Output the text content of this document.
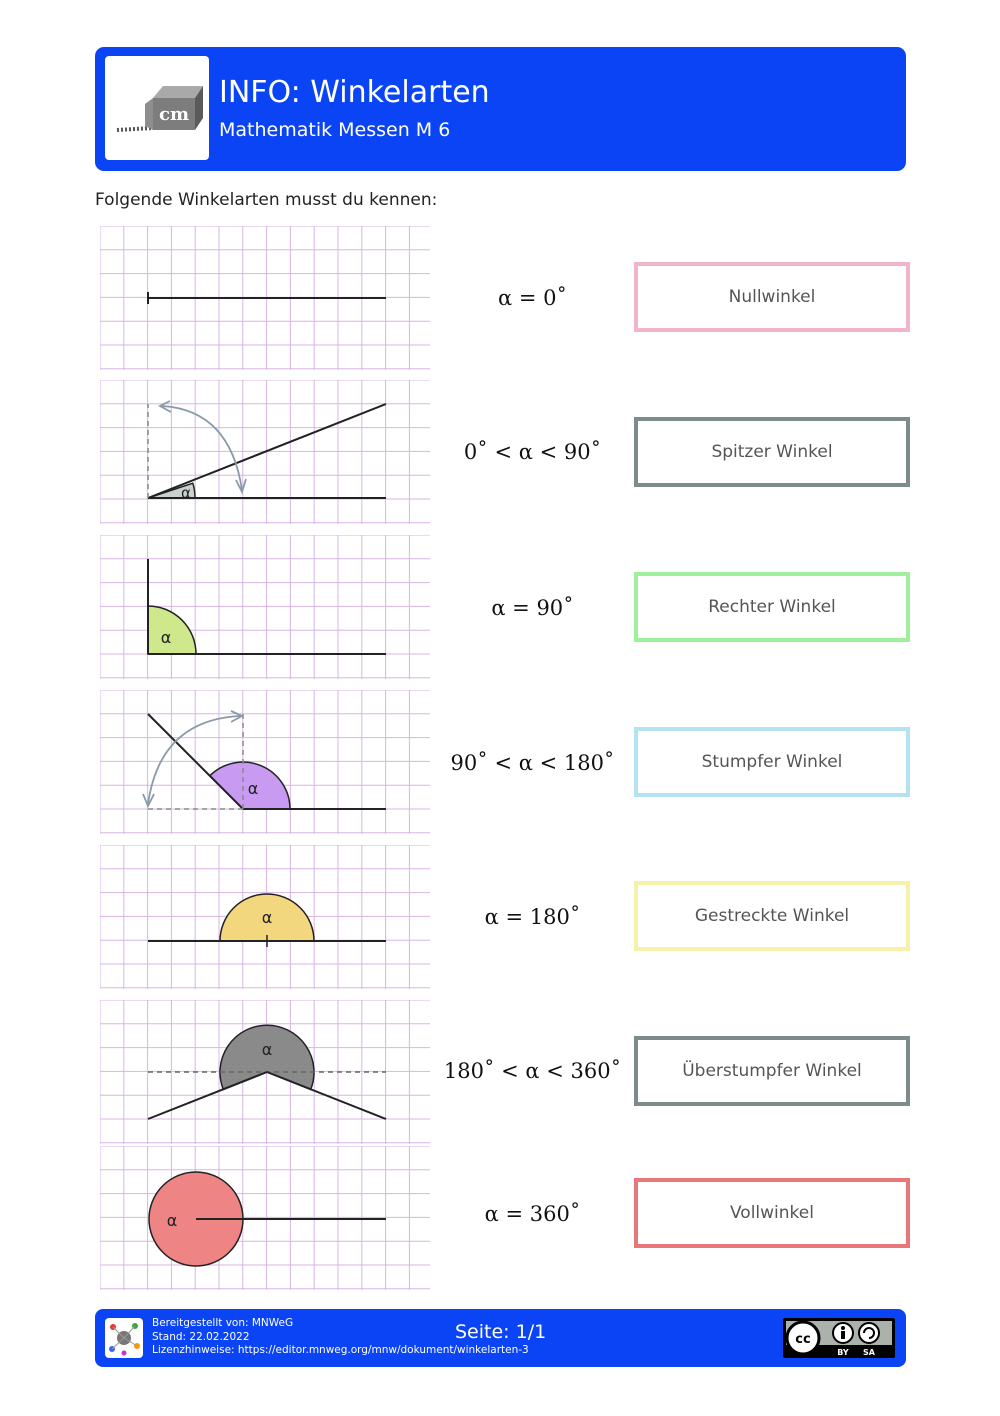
cm
INFO: Winkelarten
Mathematik Messen M 6
Folgende Winkelarten musst du kennen:
α = 0˚	Nullwinkel
α
0˚ < α < 90˚	Spitzer Winkel
α
α = 90˚	Rechter Winkel
α
90˚ < α < 180˚	Stumpfer Winkel
α	α = 180˚	Gestreckte Winkel
α
180˚ < α < 360˚	Überstumpfer Winkel
α	α = 360˚	Vollwinkel
Bereitgestellt von: MNWeG
Stand: 22.02.2022
Lizenzhinweise: https://editor.mnweg.org/mnw/dokument/winkelarten-3
Seite: 1/1	cc
BY SA
